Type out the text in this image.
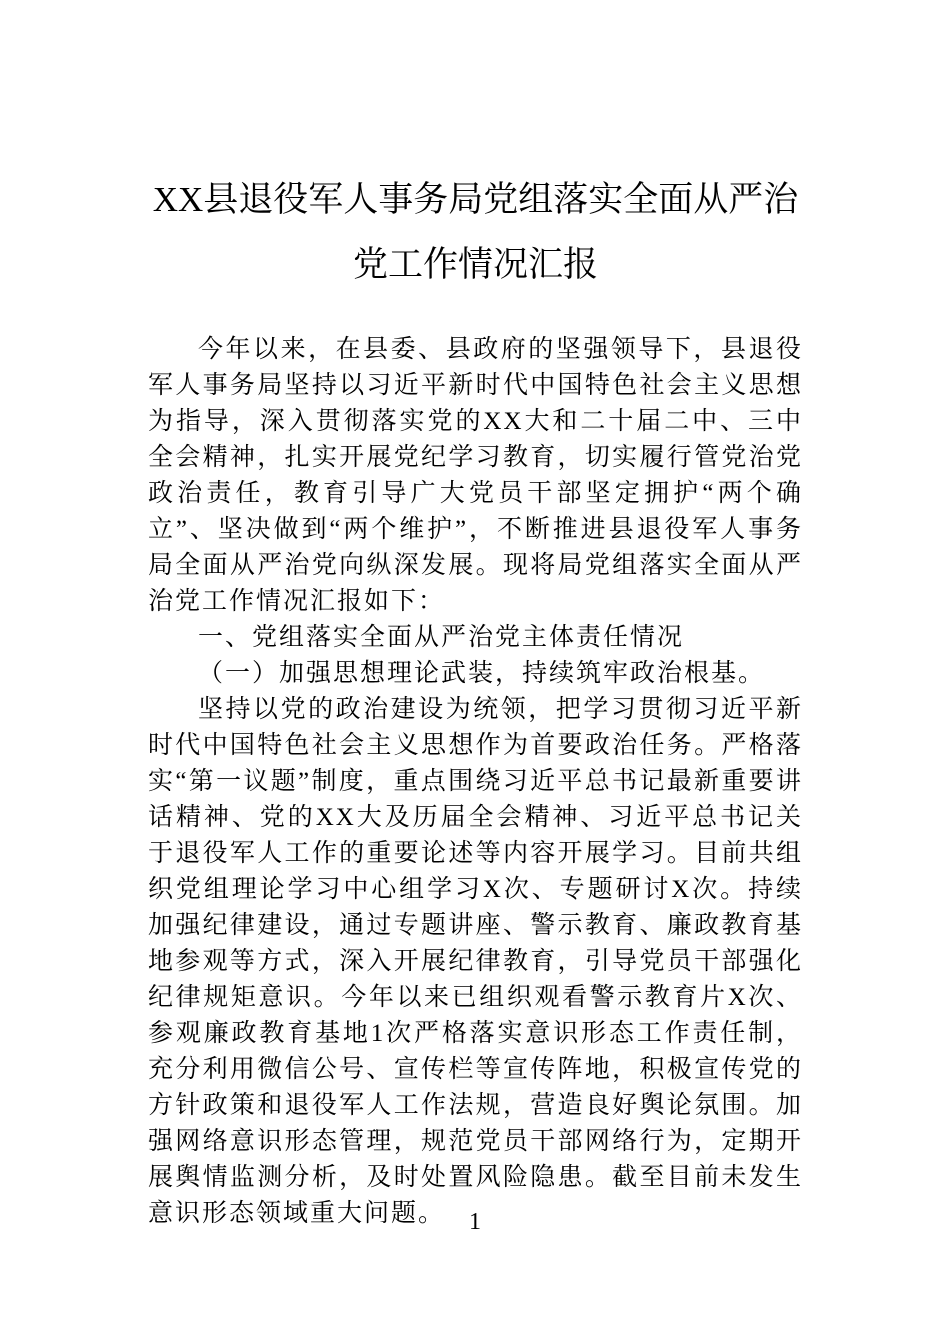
XX县退役军人事务局党组落实全面从严治党工作情况汇报

今年以来，在县委、县政府的坚强领导下，县退役军人事务局坚持以习近平新时代中国特色社会主义思想为指导，深入贯彻落实党的XX大和二十届二中、三中全会精神，扎实开展党纪学习教育，切实履行管党治党政治责任，教育引导广大党员干部坚定拥护“两个确立”、坚决做到“两个维护”，不断推进县退役军人事务局全面从严治党向纵深发展。现将局党组落实全面从严治党工作情况汇报如下：

一、党组落实全面从严治党主体责任情况

（一）加强思想理论武装，持续筑牢政治根基。

坚持以党的政治建设为统领，把学习贯彻习近平新时代中国特色社会主义思想作为首要政治任务。严格落实“第一议题”制度，重点围绕习近平总书记最新重要讲话精神、党的XX大及历届全会精神、习近平总书记关于退役军人工作的重要论述等内容开展学习。目前共组织党组理论学习中心组学习X次、专题研讨X次。持续加强纪律建设，通过专题讲座、警示教育、廉政教育基地参观等方式，深入开展纪律教育，引导党员干部强化纪律规矩意识。今年以来已组织观看警示教育片X次、参观廉政教育基地1次严格落实意识形态工作责任制，充分利用微信公号、宣传栏等宣传阵地，积极宣传党的方针政策和退役军人工作法规，营造良好舆论氛围。加强网络意识形态管理，规范党员干部网络行为，定期开展舆情监测分析，及时处置风险隐患。截至目前未发生意识形态领域重大问题。 1
